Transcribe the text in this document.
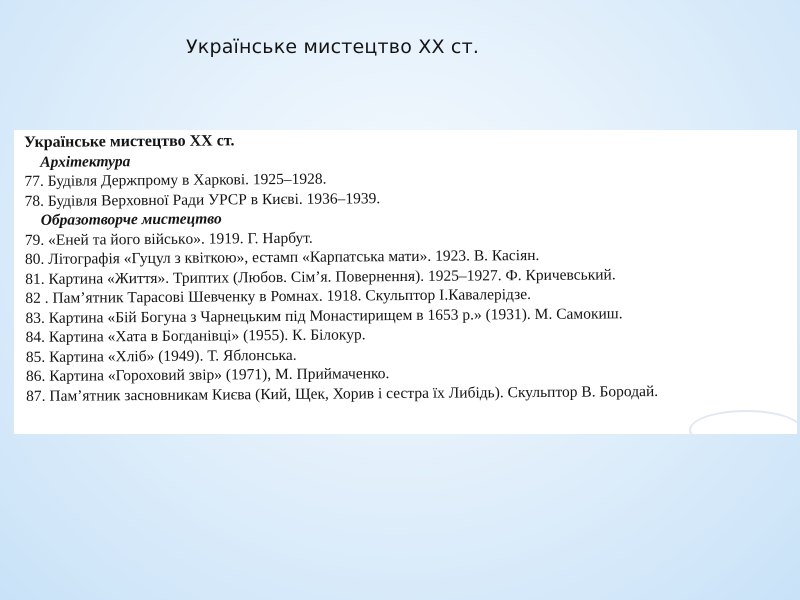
Українське мистецтво XX ст.
Українське мистецтво XX ст.
Архітектура
77. Будівля Держпрому в Харкові. 1925–1928.
78. Будівля Верховної Ради УРСР в Києві. 1936–1939.
Образотворче мистецтво
79. «Еней та його військo». 1919. Г. Нарбут.
80. Літографія «Гуцул з квіткою», естамп «Карпатська мати». 1923. В. Касіян.
81. Картина «Життя». Триптих (Любов. Сім’я. Повернення). 1925–1927. Ф. Кричевський.
82 . Пам’ятник Тарасові Шевченку в Ромнах. 1918. Скульптор І.Кавалерідзе.
83. Картина «Бій Богуна з Чарнецьким під Монастирищем в 1653 р.» (1931). М. Самокиш.
84. Картина «Хата в Богданівці» (1955). К. Білокур.
85. Картина «Хліб» (1949). Т. Яблонська.
86. Картина «Гороховий звір» (1971), М. Приймаченко.
87. Пам’ятник засновникам Києва (Кий, Щек, Хорив і сестра їх Либідь). Скульптор В. Бородай.
